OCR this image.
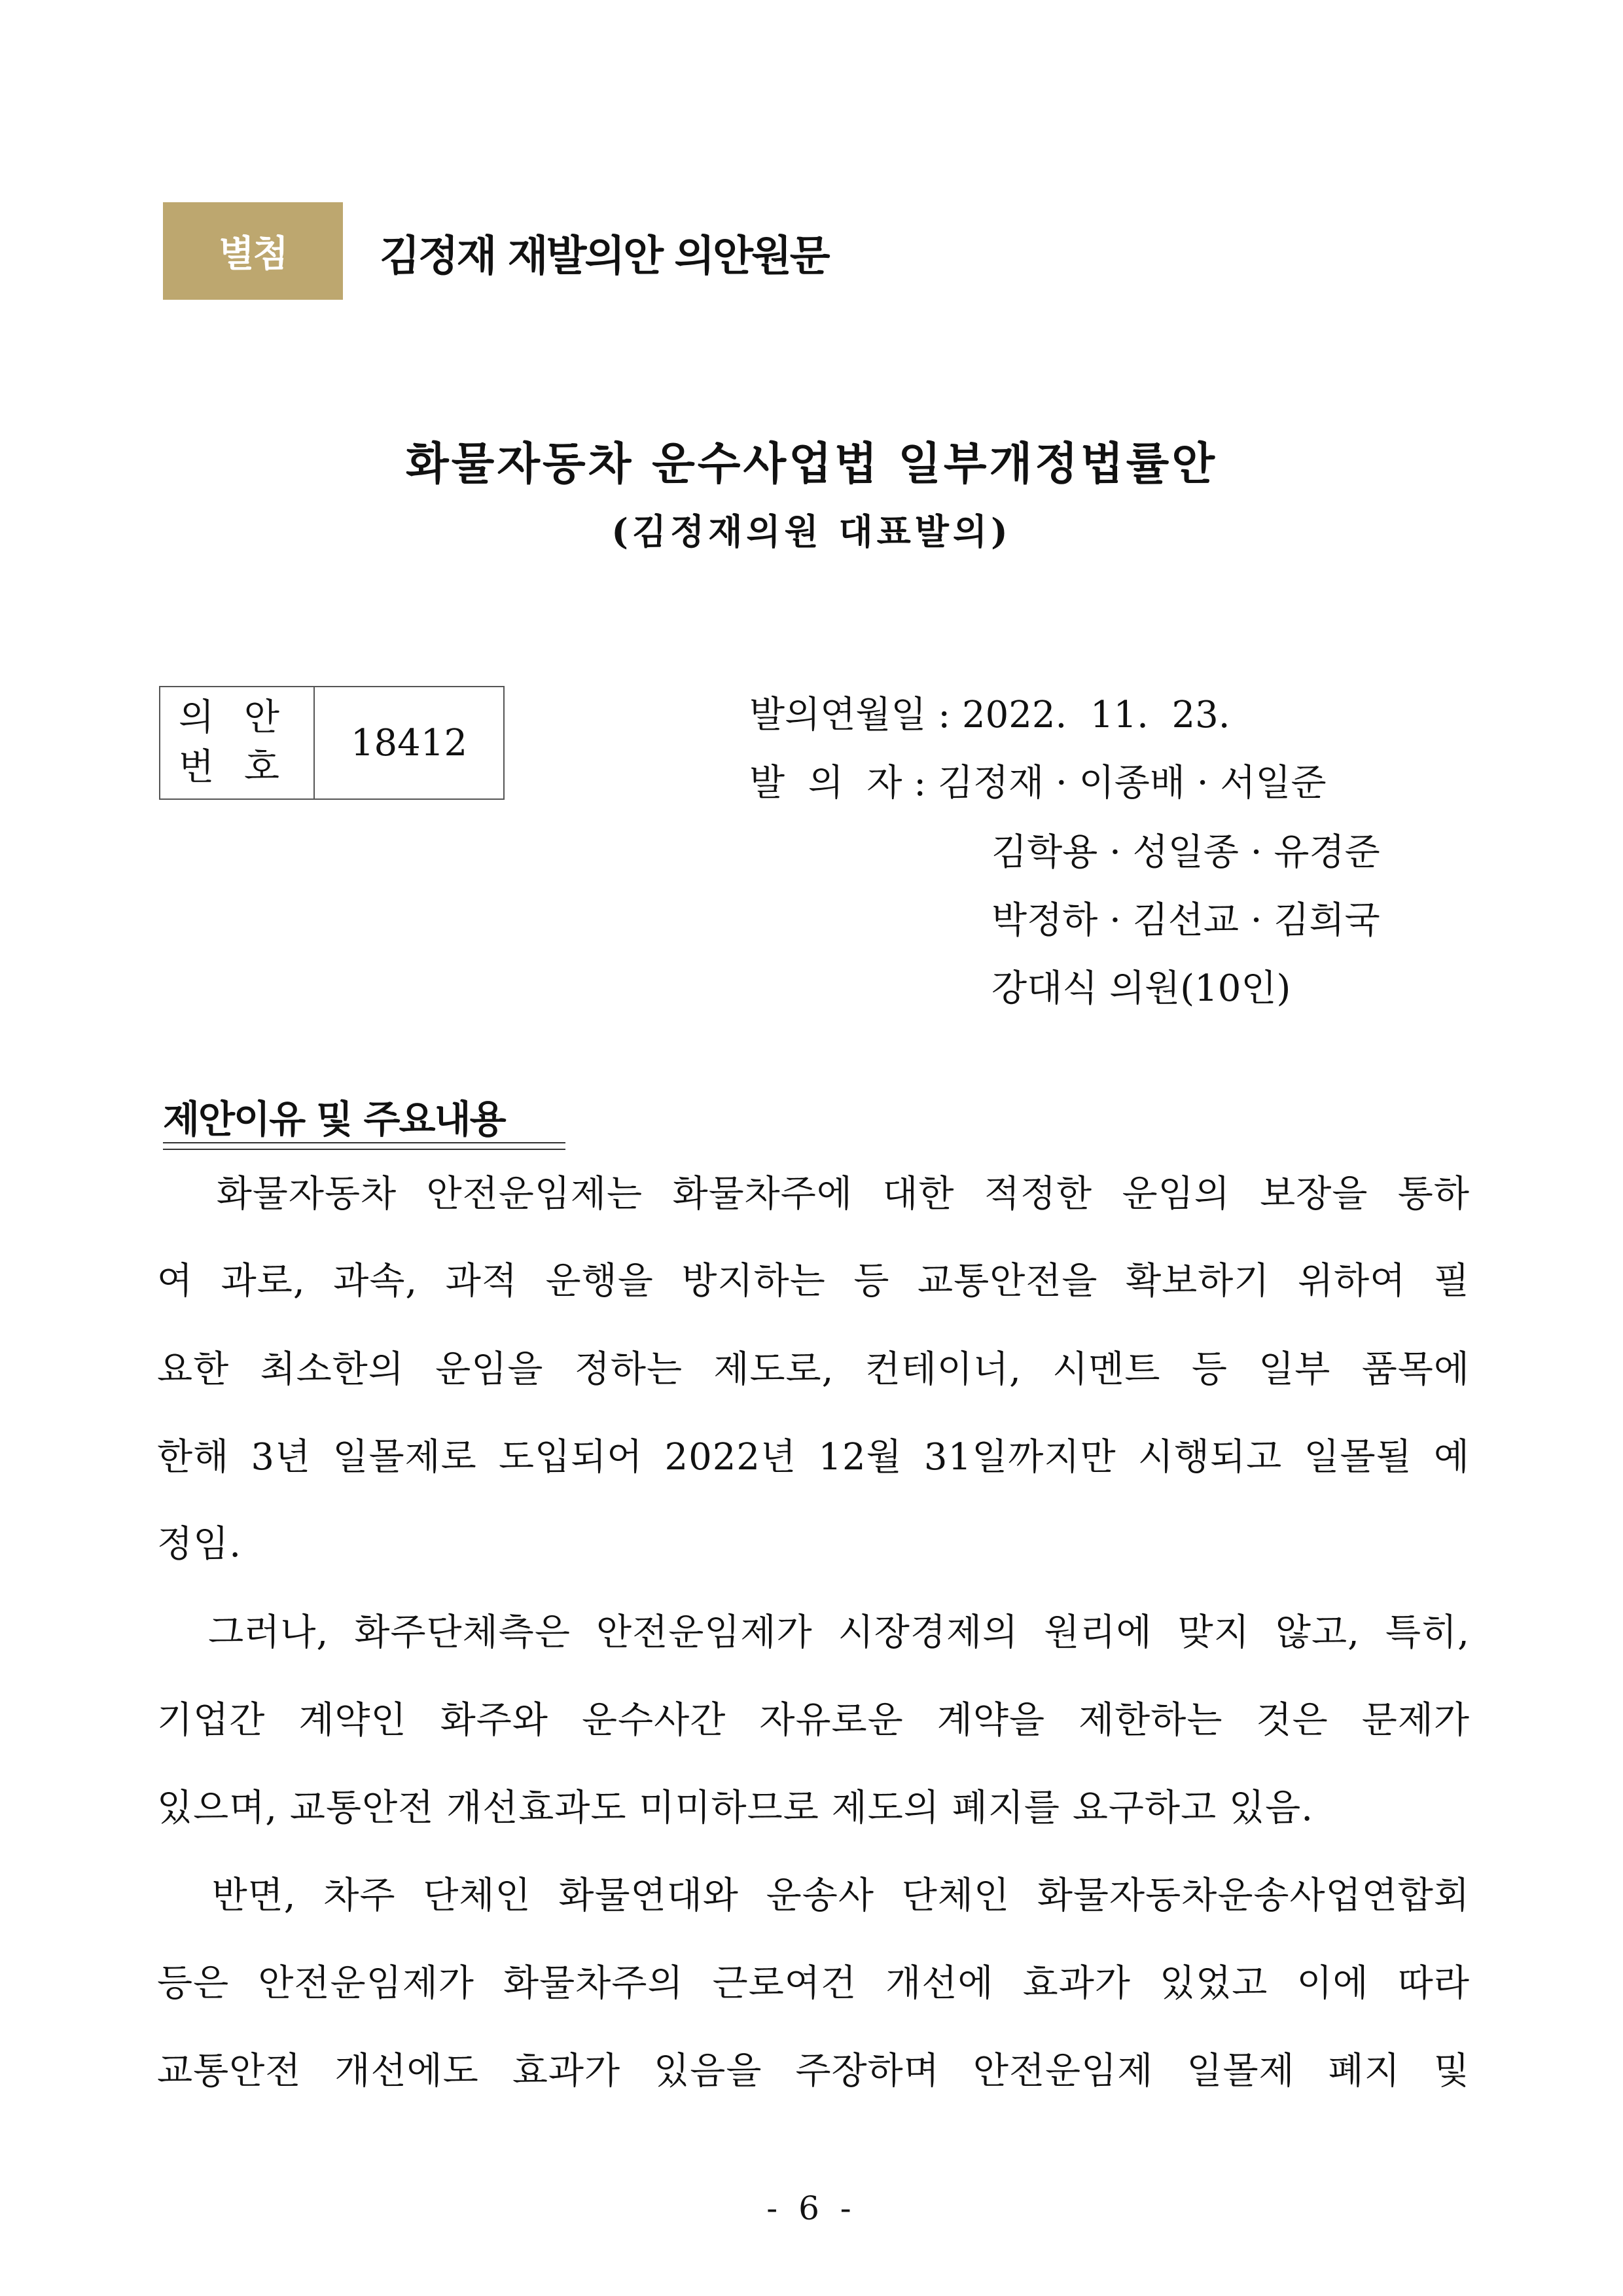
별첨	김정재 재발의안 의안원문
화물자동차 운수사업법 일부개정법률안
(김정재의원 대표발의)
의 안
번 호
18412
발의연월일 : 2022.  11.  23.
발  의  자 : 김정재 · 이종배 · 서일준
김학용 · 성일종 · 유경준
박정하 · 김선교 · 김희국
강대식 의원(10인)
제안이유 및 주요내용
화물자동차 안전운임제는 화물차주에 대한 적정한 운임의 보장을 통하
여 과로, 과속, 과적 운행을 방지하는 등 교통안전을 확보하기 위하여 필
요한 최소한의 운임을 정하는 제도로, 컨테이너, 시멘트 등 일부 품목에
한해 3년 일몰제로 도입되어 2022년 12월 31일까지만 시행되고 일몰될 예
정임.
그러나, 화주단체측은 안전운임제가 시장경제의 원리에 맞지 않고, 특히,
기업간 계약인 화주와 운수사간 자유로운 계약을 제한하는 것은 문제가
있으며, 교통안전 개선효과도 미미하므로 제도의 폐지를 요구하고 있음.
반면, 차주 단체인 화물연대와 운송사 단체인 화물자동차운송사업연합회
등은 안전운임제가 화물차주의 근로여건 개선에 효과가 있었고 이에 따라
교통안전 개선에도 효과가 있음을 주장하며 안전운임제 일몰제 폐지 및
- 6 -
